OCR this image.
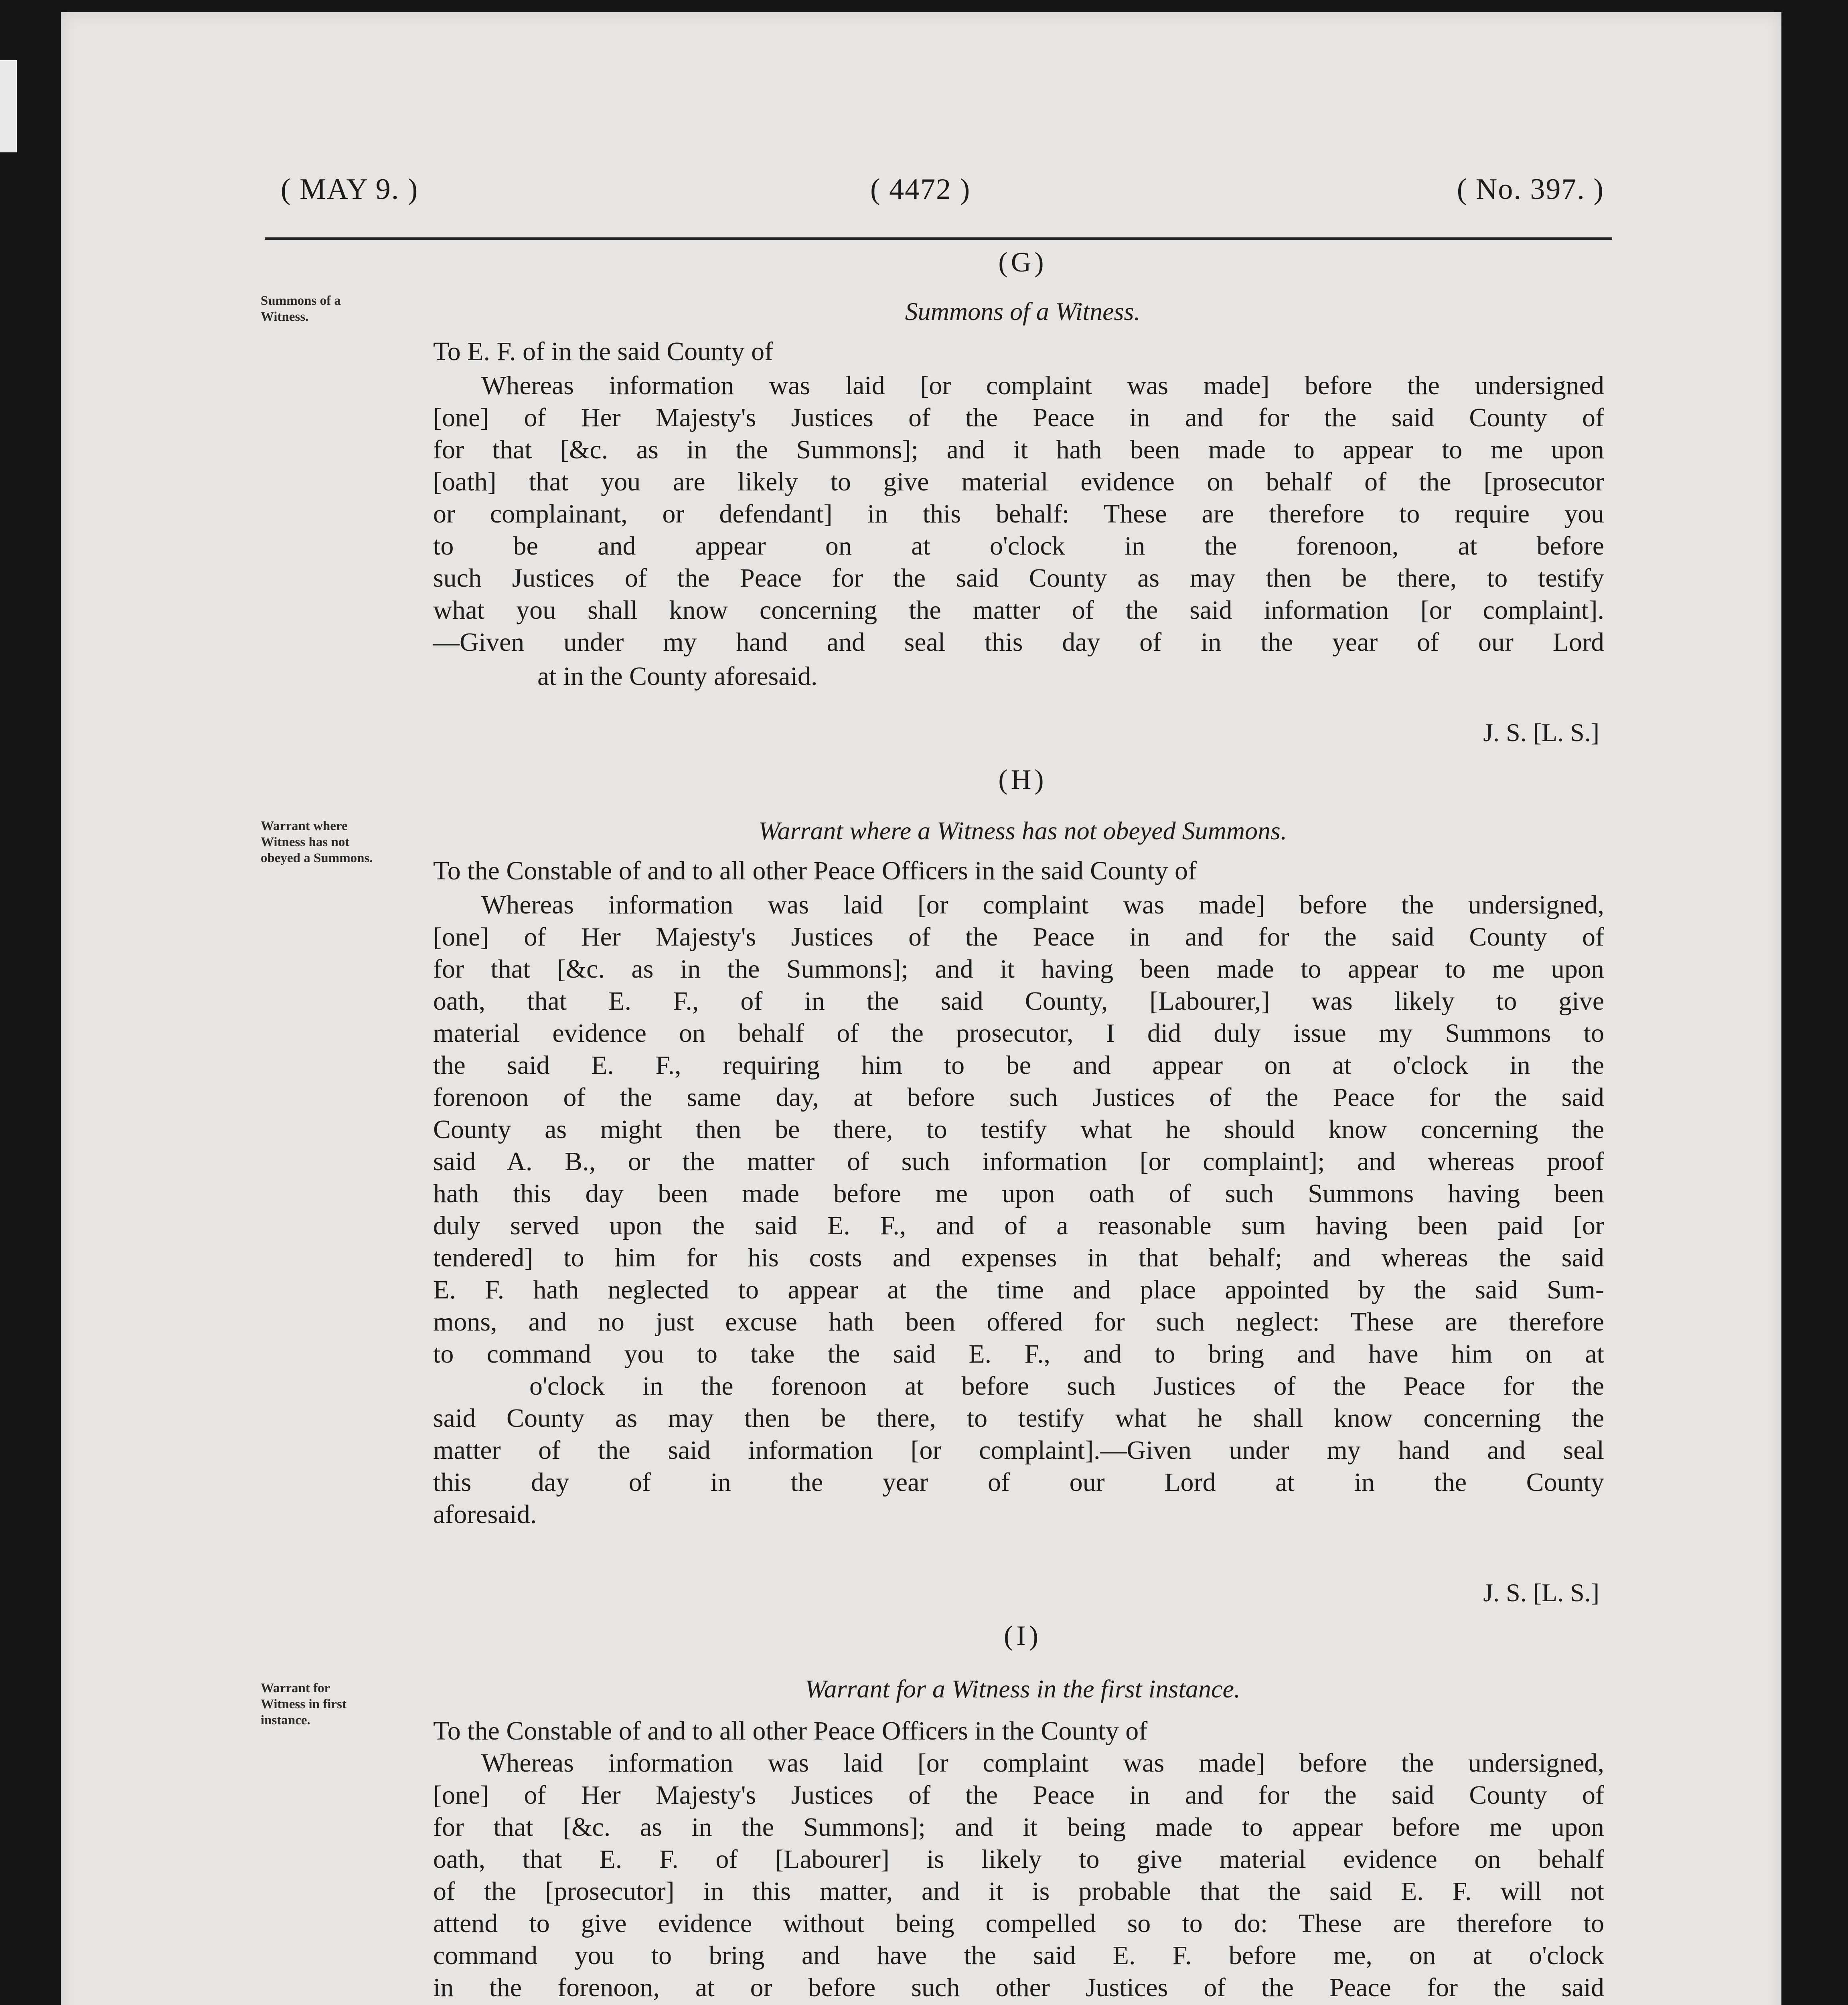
( MAY 9. )	( 4472 )	( No. 397. )
Summons of a
Witness.
(G)
Summons of a Witness.
To E. F. of in the said County of
Whereas information was laid [or complaint was made] before the undersigned
[one] of Her Majesty's Justices of the Peace in and for the said County of
for that [&c. as in the Summons]; and it hath been made to appear to me upon
[oath] that you are likely to give material evidence on behalf of the [prosecutor
or complainant, or defendant] in this behalf: These are therefore to require you
to be and appear on at o'clock in the forenoon, at before
such Justices of the Peace for the said County as may then be there, to testify
what you shall know concerning the matter of the said information [or complaint].
—Given under my hand and seal this day of in the year of our Lord
at in the County aforesaid.
J. S. [L. S.]
Warrant where
Witness has not
obeyed a Summons.
(H)
Warrant where a Witness has not obeyed Summons.
To the Constable of and to all other Peace Officers in the said County of
Whereas information was laid [or complaint was made] before the undersigned,
[one] of Her Majesty's Justices of the Peace in and for the said County of
for that [&c. as in the Summons]; and it having been made to appear to me upon
oath, that E. F., of in the said County, [Labourer,] was likely to give
material evidence on behalf of the prosecutor, I did duly issue my Summons to
the said E. F., requiring him to be and appear on at o'clock in the
forenoon of the same day, at before such Justices of the Peace for the said
County as might then be there, to testify what he should know concerning the
said A. B., or the matter of such information [or complaint]; and whereas proof
hath this day been made before me upon oath of such Summons having been
duly served upon the said E. F., and of a reasonable sum having been paid [or
tendered] to him for his costs and expenses in that behalf; and whereas the said
E. F. hath neglected to appear at the time and place appointed by the said Sum-
mons, and no just excuse hath been offered for such neglect: These are therefore
to command you to take the said E. F., and to bring and have him on at
o'clock in the forenoon at before such Justices of the Peace for the
said County as may then be there, to testify what he shall know concerning the
matter of the said information [or complaint].—Given under my hand and seal
this day of in the year of our Lord at in the County
aforesaid.
J. S. [L. S.]
Warrant for
Witness in first
instance.
(I)
Warrant for a Witness in the first instance.
To the Constable of and to all other Peace Officers in the County of
Whereas information was laid [or complaint was made] before the undersigned,
[one] of Her Majesty's Justices of the Peace in and for the said County of
for that [&c. as in the Summons]; and it being made to appear before me upon
oath, that E. F. of [Labourer] is likely to give material evidence on behalf
of the [prosecutor] in this matter, and it is probable that the said E. F. will not
attend to give evidence without being compelled so to do: These are therefore to
command you to bring and have the said E. F. before me, on at o'clock
in the forenoon, at or before such other Justices of the Peace for the said
